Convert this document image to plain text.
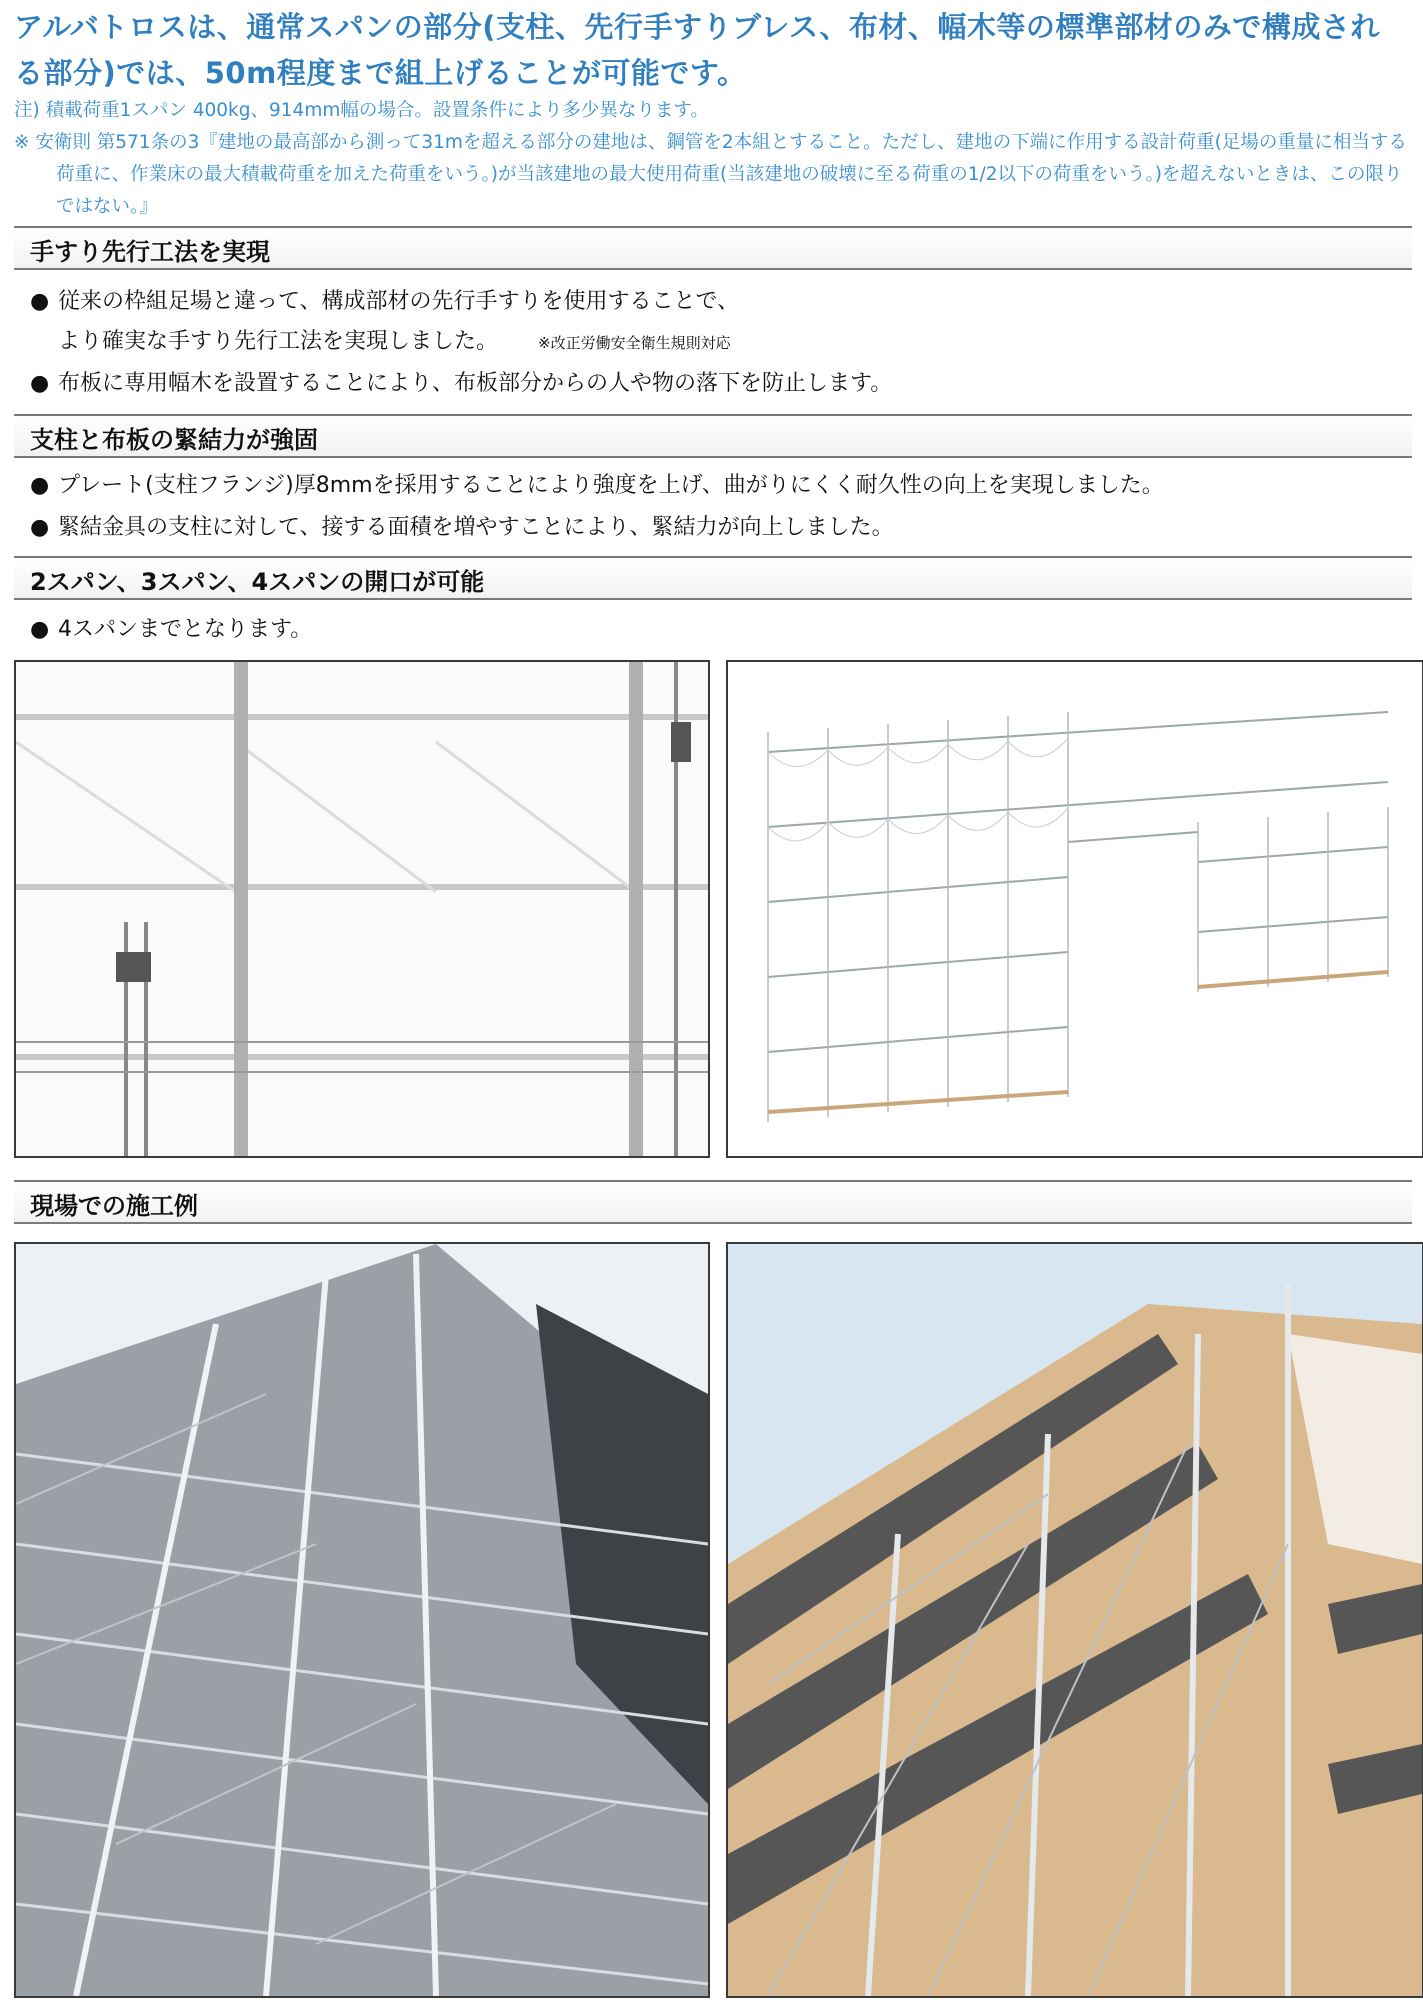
アルバトロスは、通常スパンの部分(支柱、先行手すりブレス、布材、幅木等の標準部材のみで構成され
る部分)では、50m程度まで組上げることが可能です。
注) 積載荷重1スパン 400kg、914mm幅の場合。設置条件により多少異なります。
※ 安衛則 第571条の3『建地の最高部から測って31mを超える部分の建地は、鋼管を2本組とすること。ただし、建地の下端に作用する設計荷重(足場の重量に相当する荷重に、作業床の最大積載荷重を加えた荷重をいう。)が当該建地の最大使用荷重(当該建地の破壊に至る荷重の1/2以下の荷重をいう。)を超えないときは、この限りではない。』
手すり先行工法を実現
● 従来の枠組足場と違って、構成部材の先行手すりを使用することで、
より確実な手すり先行工法を実現しました。	※改正労働安全衛生規則対応
● 布板に専用幅木を設置することにより、布板部分からの人や物の落下を防止します。
支柱と布板の緊結力が強固
● プレート(支柱フランジ)厚8mmを採用することにより強度を上げ、曲がりにくく耐久性の向上を実現しました。
● 緊結金具の支柱に対して、接する面積を増やすことにより、緊結力が向上しました。
2スパン、3スパン、4スパンの開口が可能
● 4スパンまでとなります。
現場での施工例
